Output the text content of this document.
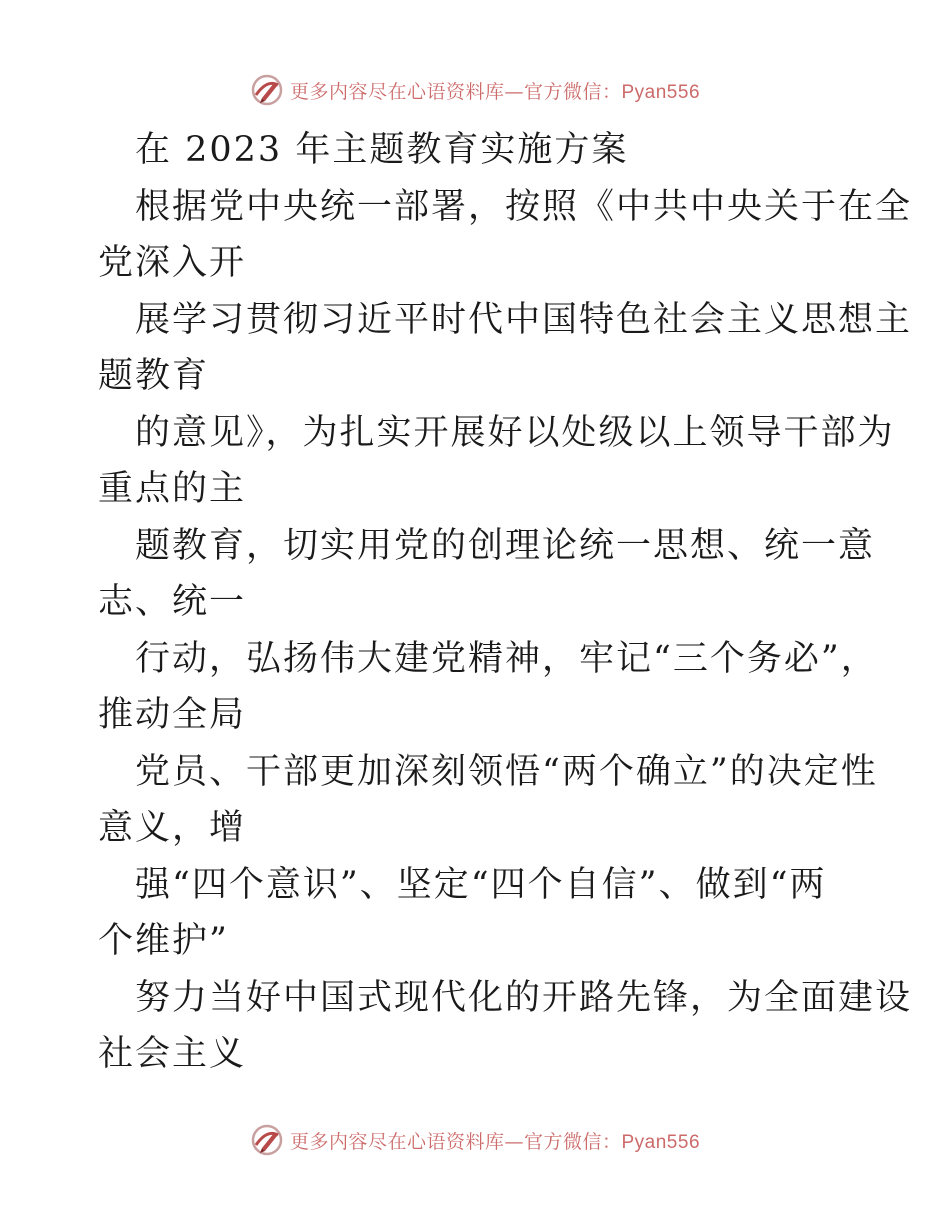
更多内容尽在心语资料库—官方微信：Pyan556
在 2023 年主题教育实施方案
根据党中央统一部署，按照《中共中央关于在全
党深入开
展学习贯彻习近平时代中国特色社会主义思想主
题教育
的意见》，为扎实开展好以处级以上领导干部为
重点的主
题教育，切实用党的创理论统一思想、统一意
志、统一
行动，弘扬伟大建党精神，牢记“三个务必”，
推动全局
党员、干部更加深刻领悟“两个确立”的决定性
意义，增
强“四个意识”、坚定“四个自信”、做到“两
个维护”
努力当好中国式现代化的开路先锋，为全面建设
社会主义
更多内容尽在心语资料库—官方微信：Pyan556
